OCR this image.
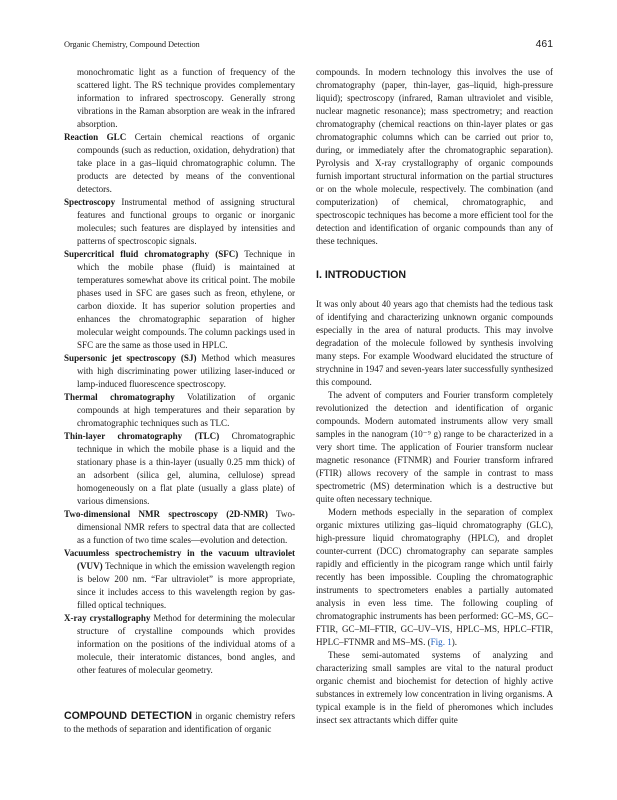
Organic Chemistry, Compound Detection	461

monochromatic light as a function of frequency of the scattered light. The RS technique provides complementary information to infrared spectroscopy. Generally strong vibrations in the Raman absorption are weak in the infrared absorption.

Reaction GLC Certain chemical reactions of organic compounds (such as reduction, oxidation, dehydration) that take place in a gas–liquid chromatographic column. The products are detected by means of the conventional detectors.

Spectroscopy Instrumental method of assigning structural features and functional groups to organic or inorganic molecules; such features are displayed by intensities and patterns of spectroscopic signals.

Supercritical fluid chromatography (SFC) Technique in which the mobile phase (fluid) is maintained at temperatures somewhat above its critical point. The mobile phases used in SFC are gases such as freon, ethylene, or carbon dioxide. It has superior solution properties and enhances the chromatographic separation of higher molecular weight compounds. The column packings used in SFC are the same as those used in HPLC.

Supersonic jet spectroscopy (SJ) Method which measures with high discriminating power utilizing laser-induced or lamp-induced fluorescence spectroscopy.

Thermal chromatography Volatilization of organic compounds at high temperatures and their separation by chromatographic techniques such as TLC.

Thin-layer chromatography (TLC) Chromatographic technique in which the mobile phase is a liquid and the stationary phase is a thin-layer (usually 0.25 mm thick) of an adsorbent (silica gel, alumina, cellulose) spread homogeneously on a flat plate (usually a glass plate) of various dimensions.

Two-dimensional NMR spectroscopy (2D-NMR) Two-dimensional NMR refers to spectral data that are collected as a function of two time scales—evolution and detection.

Vacuumless spectrochemistry in the vacuum ultraviolet (VUV) Technique in which the emission wavelength region is below 200 nm. “Far ultraviolet” is more appropriate, since it includes access to this wavelength region by gas-filled optical techniques.

X-ray crystallography Method for determining the molecular structure of crystalline compounds which provides information on the positions of the individual atoms of a molecule, their interatomic distances, bond angles, and other features of molecular geometry.

COMPOUND DETECTION in organic chemistry refers to the methods of separation and identification of organic

compounds. In modern technology this involves the use of chromatography (paper, thin-layer, gas–liquid, high-pressure liquid); spectroscopy (infrared, Raman ultraviolet and visible, nuclear magnetic resonance); mass spectrometry; and reaction chromatography (chemical reactions on thin-layer plates or gas chromatographic columns which can be carried out prior to, during, or immediately after the chromatographic separation). Pyrolysis and X-ray crystallography of organic compounds furnish important structural information on the partial structures or on the whole molecule, respectively. The combination (and computerization) of chemical, chromatographic, and spectroscopic techniques has become a more efficient tool for the detection and identification of organic compounds than any of these techniques.

I. INTRODUCTION

It was only about 40 years ago that chemists had the tedious task of identifying and characterizing unknown organic compounds especially in the area of natural products. This may involve degradation of the molecule followed by synthesis involving many steps. For example Woodward elucidated the structure of strychnine in 1947 and seven-years later successfully synthesized this compound.

The advent of computers and Fourier transform completely revolutionized the detection and identification of organic compounds. Modern automated instruments allow very small samples in the nanogram (10⁻⁹ g) range to be characterized in a very short time. The application of Fourier transform nuclear magnetic resonance (FTNMR) and Fourier transform infrared (FTIR) allows recovery of the sample in contrast to mass spectrometric (MS) determination which is a destructive but quite often necessary technique.

Modern methods especially in the separation of complex organic mixtures utilizing gas–liquid chromatography (GLC), high-pressure liquid chromatography (HPLC), and droplet counter-current (DCC) chromatography can separate samples rapidly and efficiently in the picogram range which until fairly recently has been impossible. Coupling the chromatographic instruments to spectrometers enables a partially automated analysis in even less time. The following coupling of chromatographic instruments has been performed: GC–MS, GC–FTIR, GC–MI–FTIR, GC–UV–VIS, HPLC–MS, HPLC–FTIR, HPLC–FTNMR and MS–MS. (Fig. 1).

These semi-automated systems of analyzing and characterizing small samples are vital to the natural product organic chemist and biochemist for detection of highly active substances in extremely low concentration in living organisms. A typical example is in the field of pheromones which includes insect sex attractants which differ quite
